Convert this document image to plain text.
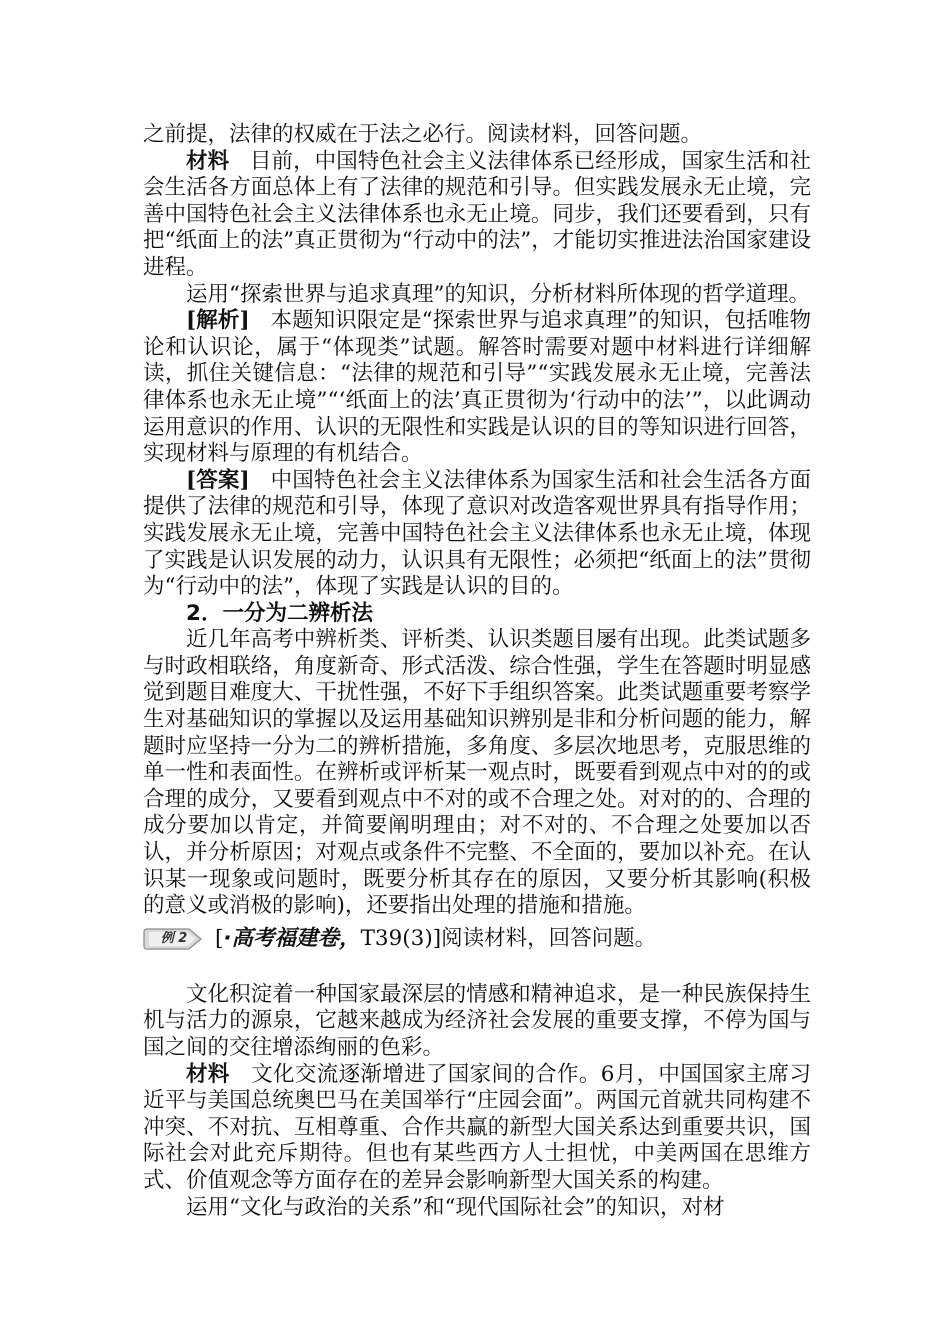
之前提，法律的权威在于法之必行。阅读材料，回答问题。

材料 目前，中国特色社会主义法律体系已经形成，国家生活和社会生活各方面总体上有了法律的规范和引导。但实践发展永无止境，完善中国特色社会主义法律体系也永无止境。同步，我们还要看到，只有把“纸面上的法”真正贯彻为“行动中的法”，才能切实推进法治国家建设进程。

运用“探索世界与追求真理”的知识，分析材料所体现的哲学道理。

[解析] 本题知识限定是“探索世界与追求真理”的知识，包括唯物论和认识论，属于“体现类”试题。解答时需要对题中材料进行详细解读，抓住关键信息：“法律的规范和引导”“实践发展永无止境，完善法律体系也永无止境”“‘纸面上的法’真正贯彻为‘行动中的法’”，以此调动运用意识的作用、认识的无限性和实践是认识的目的等知识进行回答，实现材料与原理的有机结合。

[答案] 中国特色社会主义法律体系为国家生活和社会生活各方面提供了法律的规范和引导，体现了意识对改造客观世界具有指导作用；实践发展永无止境，完善中国特色社会主义法律体系也永无止境，体现了实践是认识发展的动力，认识具有无限性；必须把“纸面上的法”贯彻为“行动中的法”，体现了实践是认识的目的。

2．一分为二辨析法

近几年高考中辨析类、评析类、认识类题目屡有出现。此类试题多与时政相联络，角度新奇、形式活泼、综合性强，学生在答题时明显感觉到题目难度大、干扰性强，不好下手组织答案。此类试题重要考察学生对基础知识的掌握以及运用基础知识辨别是非和分析问题的能力，解题时应坚持一分为二的辨析措施，多角度、多层次地思考，克服思维的单一性和表面性。在辨析或评析某一观点时，既要看到观点中对的的或合理的成分，又要看到观点中不对的或不合理之处。对对的的、合理的成分要加以肯定，并简要阐明理由；对不对的、不合理之处要加以否认，并分析原因；对观点或条件不完整、不全面的，要加以补充。在认识某一现象或问题时，既要分析其存在的原因，又要分析其影响(积极的意义或消极的影响)，还要指出处理的措施和措施。

例 2	[·高考福建卷，T39(3)]阅读材料，回答问题。

文化积淀着一种国家最深层的情感和精神追求，是一种民族保持生机与活力的源泉，它越来越成为经济社会发展的重要支撑，不停为国与国之间的交往增添绚丽的色彩。

材料 文化交流逐渐增进了国家间的合作。6月，中国国家主席习近平与美国总统奥巴马在美国举行“庄园会面”。两国元首就共同构建不冲突、不对抗、互相尊重、合作共赢的新型大国关系达到重要共识，国际社会对此充斥期待。但也有某些西方人士担忧，中美两国在思维方式、价值观念等方面存在的差异会影响新型大国关系的构建。

运用“文化与政治的关系”和“现代国际社会”的知识，对材
